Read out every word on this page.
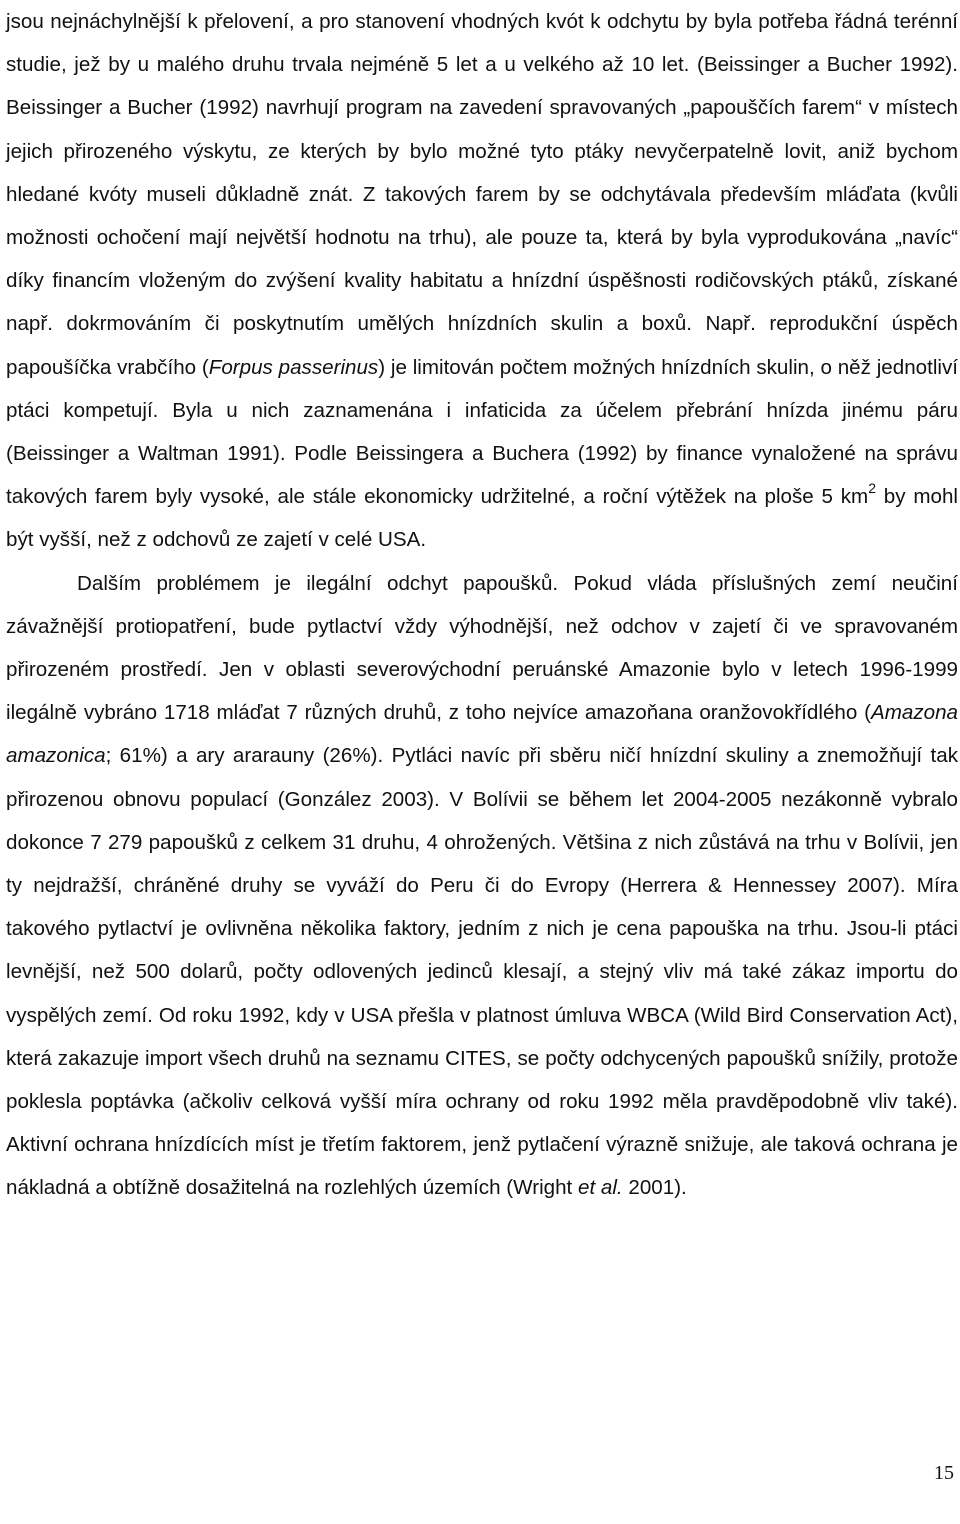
jsou nejnáchylnější k přelovení, a pro stanovení vhodných kvót k odchytu by byla potřeba řádná terénní studie, jež by u malého druhu trvala nejméně 5 let a u velkého až 10 let. (Beissinger a Bucher 1992). Beissinger a Bucher (1992) navrhují program na zavedení spravovaných „papouščích farem“ v místech jejich přirozeného výskytu, ze kterých by bylo možné tyto ptáky nevyčerpatelně lovit, aniž bychom hledané kvóty museli důkladně znát. Z takových farem by se odchytávala především mláďata (kvůli možnosti ochočení mají největší hodnotu na trhu), ale pouze ta, která by byla vyprodukována „navíc“ díky financím vloženým do zvýšení kvality habitatu a hnízdní úspěšnosti rodičovských ptáků, získané např. dokrmováním či poskytnutím umělých hnízdních skulin a boxů. Např. reprodukční úspěch papoušíčka vrabčího (Forpus passerinus) je limitován počtem možných hnízdních skulin, o něž jednotliví ptáci kompetují. Byla u nich zaznamenána i infaticida za účelem přebrání hnízda jinému páru (Beissinger a Waltman 1991). Podle Beissingera a Buchera (1992) by finance vynaložené na správu takových farem byly vysoké, ale stále ekonomicky udržitelné, a roční výtěžek na ploše 5 $km^2$ by mohl být vyšší, než z odchovů ze zajetí v celé USA.

Dalším problémem je ilegální odchyt papoušků. Pokud vláda příslušných zemí neučiní závažnější protiopatření, bude pytlactví vždy výhodnější, než odchov v zajetí či ve spravovaném přirozeném prostředí. Jen v oblasti severovýchodní peruánské Amazonie bylo v letech 1996-1999 ilegálně vybráno 1718 mláďat 7 různých druhů, z toho nejvíce amazoňana oranžovokřídlého (Amazona amazonica; 61%) a ary ararauny (26%). Pytláci navíc při sběru ničí hnízdní skuliny a znemožňují tak přirozenou obnovu populací (González 2003). V Bolívii se během let 2004-2005 nezákonně vybralo dokonce 7 279 papoušků z celkem 31 druhu, 4 ohrožených. Většina z nich zůstává na trhu v Bolívii, jen ty nejdražší, chráněné druhy se vyváží do Peru či do Evropy (Herrera & Hennessey 2007). Míra takového pytlactví je ovlivněna několika faktory, jedním z nich je cena papouška na trhu. Jsou-li ptáci levnější, než 500 dolarů, počty odlovených jedinců klesají, a stejný vliv má také zákaz importu do vyspělých zemí. Od roku 1992, kdy v USA přešla v platnost úmluva WBCA (Wild Bird Conservation Act), která zakazuje import všech druhů na seznamu CITES, se počty odchycených papoušků snížily, protože poklesla poptávka (ačkoliv celková vyšší míra ochrany od roku 1992 měla pravděpodobně vliv také). Aktivní ochrana hnízdících míst je třetím faktorem, jenž pytlačení výrazně snižuje, ale taková ochrana je nákladná a obtížně dosažitelná na rozlehlých územích (Wright et al. 2001).

15
